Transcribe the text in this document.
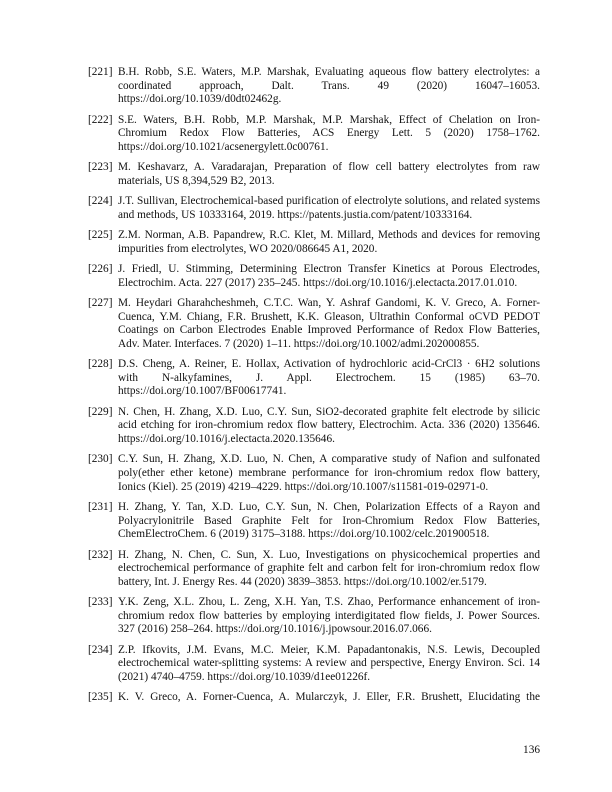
[221] B.H. Robb, S.E. Waters, M.P. Marshak, Evaluating aqueous flow battery electrolytes: a coordinated approach, Dalt. Trans. 49 (2020) 16047–16053. https://doi.org/10.1039/d0dt02462g.
[222] S.E. Waters, B.H. Robb, M.P. Marshak, M.P. Marshak, Effect of Chelation on Iron-Chromium Redox Flow Batteries, ACS Energy Lett. 5 (2020) 1758–1762. https://doi.org/10.1021/acsenergylett.0c00761.
[223] M. Keshavarz, A. Varadarajan, Preparation of flow cell battery electrolytes from raw materials, US 8,394,529 B2, 2013.
[224] J.T. Sullivan, Electrochemical-based purification of electrolyte solutions, and related systems and methods, US 10333164, 2019. https://patents.justia.com/patent/10333164.
[225] Z.M. Norman, A.B. Papandrew, R.C. Klet, M. Millard, Methods and devices for removing impurities from electrolytes, WO 2020/086645 A1, 2020.
[226] J. Friedl, U. Stimming, Determining Electron Transfer Kinetics at Porous Electrodes, Electrochim. Acta. 227 (2017) 235–245. https://doi.org/10.1016/j.electacta.2017.01.010.
[227] M. Heydari Gharahcheshmeh, C.T.C. Wan, Y. Ashraf Gandomi, K. V. Greco, A. Forner-Cuenca, Y.M. Chiang, F.R. Brushett, K.K. Gleason, Ultrathin Conformal oCVD PEDOT Coatings on Carbon Electrodes Enable Improved Performance of Redox Flow Batteries, Adv. Mater. Interfaces. 7 (2020) 1–11. https://doi.org/10.1002/admi.202000855.
[228] D.S. Cheng, A. Reiner, E. Hollax, Activation of hydrochloric acid-CrCl3 · 6H2 solutions with N-alkyfamines, J. Appl. Electrochem. 15 (1985) 63–70. https://doi.org/10.1007/BF00617741.
[229] N. Chen, H. Zhang, X.D. Luo, C.Y. Sun, SiO2-decorated graphite felt electrode by silicic acid etching for iron-chromium redox flow battery, Electrochim. Acta. 336 (2020) 135646. https://doi.org/10.1016/j.electacta.2020.135646.
[230] C.Y. Sun, H. Zhang, X.D. Luo, N. Chen, A comparative study of Nafion and sulfonated poly(ether ether ketone) membrane performance for iron-chromium redox flow battery, Ionics (Kiel). 25 (2019) 4219–4229. https://doi.org/10.1007/s11581-019-02971-0.
[231] H. Zhang, Y. Tan, X.D. Luo, C.Y. Sun, N. Chen, Polarization Effects of a Rayon and Polyacrylonitrile Based Graphite Felt for Iron-Chromium Redox Flow Batteries, ChemElectroChem. 6 (2019) 3175–3188. https://doi.org/10.1002/celc.201900518.
[232] H. Zhang, N. Chen, C. Sun, X. Luo, Investigations on physicochemical properties and electrochemical performance of graphite felt and carbon felt for iron-chromium redox flow battery, Int. J. Energy Res. 44 (2020) 3839–3853. https://doi.org/10.1002/er.5179.
[233] Y.K. Zeng, X.L. Zhou, L. Zeng, X.H. Yan, T.S. Zhao, Performance enhancement of iron-chromium redox flow batteries by employing interdigitated flow fields, J. Power Sources. 327 (2016) 258–264. https://doi.org/10.1016/j.jpowsour.2016.07.066.
[234] Z.P. Ifkovits, J.M. Evans, M.C. Meier, K.M. Papadantonakis, N.S. Lewis, Decoupled electrochemical water-splitting systems: A review and perspective, Energy Environ. Sci. 14 (2021) 4740–4759. https://doi.org/10.1039/d1ee01226f.
[235] K. V. Greco, A. Forner-Cuenca, A. Mularczyk, J. Eller, F.R. Brushett, Elucidating the
136
